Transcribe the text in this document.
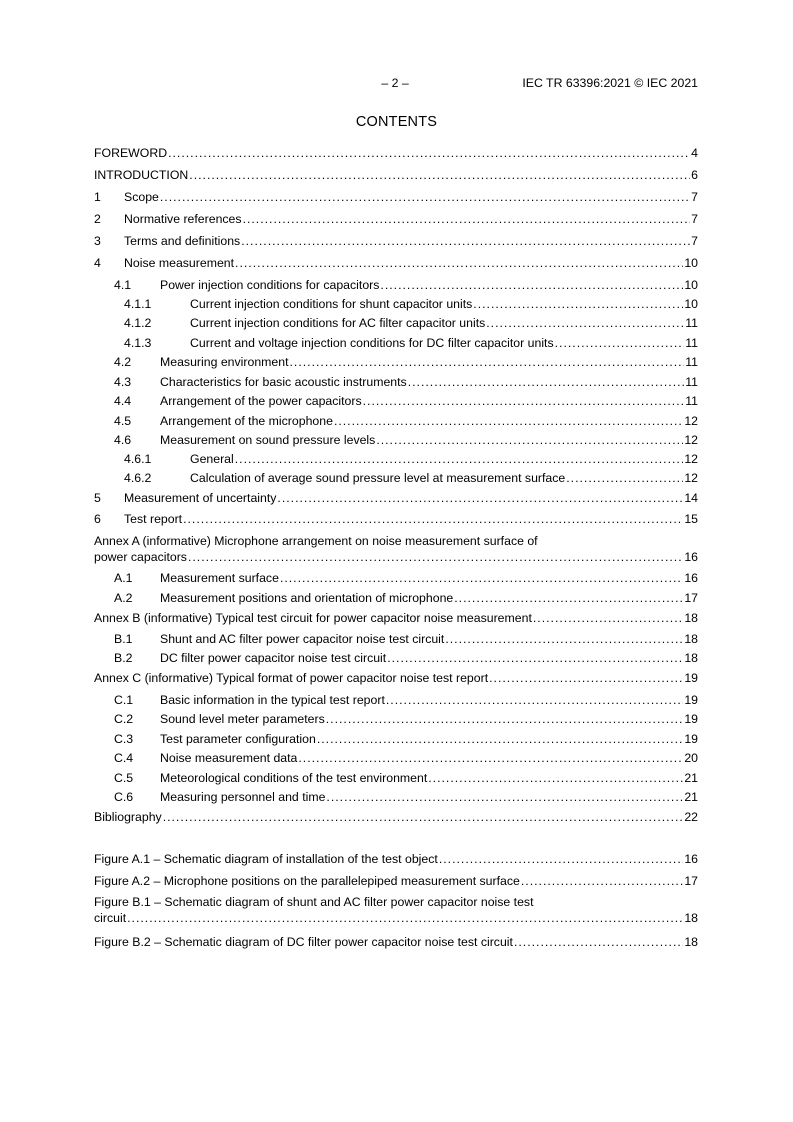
– 2 –	IEC TR 63396:2021 © IEC 2021
CONTENTS
FOREWORD .....	4
INTRODUCTION .....	6
1	Scope .....	7
2	Normative references .....	7
3	Terms and definitions .....	7
4	Noise measurement .....	10
4.1	Power injection conditions for capacitors .....	10
4.1.1	Current injection conditions for shunt capacitor units .....	10
4.1.2	Current injection conditions for AC filter capacitor units .....	11
4.1.3	Current and voltage injection conditions for DC filter capacitor units .....	11
4.2	Measuring environment .....	11
4.3	Characteristics for basic acoustic instruments .....	11
4.4	Arrangement of the power capacitors .....	11
4.5	Arrangement of the microphone .....	12
4.6	Measurement on sound pressure levels .....	12
4.6.1	General .....	12
4.6.2	Calculation of average sound pressure level at measurement surface .....	12
5	Measurement of uncertainty .....	14
6	Test report .....	15
Annex A (informative) Microphone arrangement on noise measurement surface of
power capacitors .....	16
A.1	Measurement surface .....	16
A.2	Measurement positions and orientation of microphone .....	17
Annex B (informative) Typical test circuit for power capacitor noise measurement .....	18
B.1	Shunt and AC filter power capacitor noise test circuit .....	18
B.2	DC filter power capacitor noise test circuit .....	18
Annex C (informative) Typical format of power capacitor noise test report .....	19
C.1	Basic information in the typical test report .....	19
C.2	Sound level meter parameters .....	19
C.3	Test parameter configuration .....	19
C.4	Noise measurement data .....	20
C.5	Meteorological conditions of the test environment .....	21
C.6	Measuring personnel and time .....	21
Bibliography .....	22
Figure A.1 – Schematic diagram of installation of the test object .....	16
Figure A.2 – Microphone positions on the parallelepiped measurement surface .....	17
Figure B.1 – Schematic diagram of shunt and AC filter power capacitor noise test
circuit .....	18
Figure B.2 – Schematic diagram of DC filter power capacitor noise test circuit .....	18
